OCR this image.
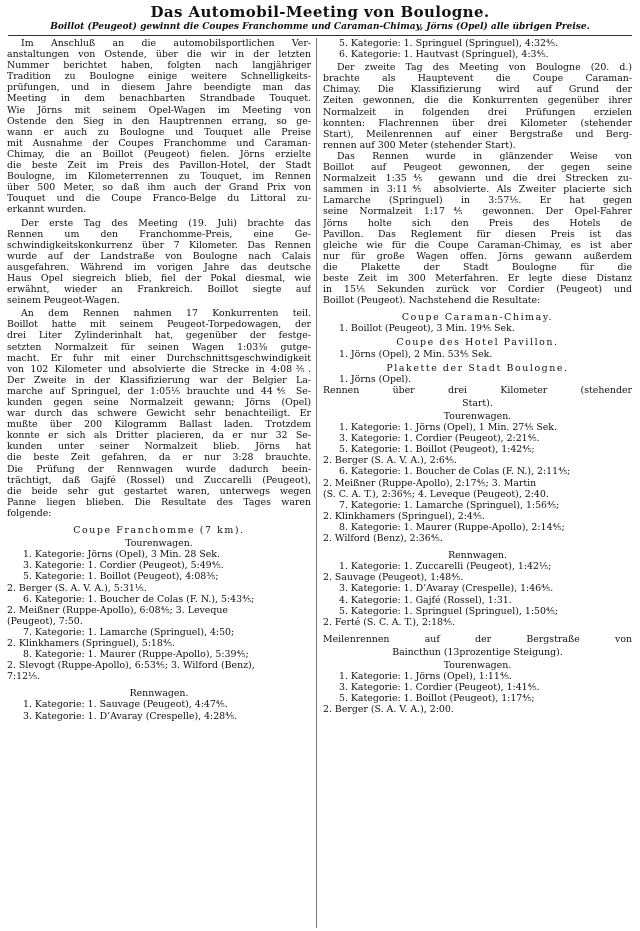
Das Automobil-Meeting von Boulogne.
Boillot (Peugeot) gewinnt die Coupes Franchomme und Caraman-Chimay, Jörns (Opel) alle übrigen Preise.
Im Anschluß an die automobilsportlichen Ver-
anstaltungen von Ostende, über die wir in der letzten
Nummer berichtet haben, folgten nach langjähriger
Tradition zu Boulogne einige weitere Schnelligkeits-
prüfungen, und in diesem Jahre beendigte man das
Meeting in dem benachbarten Strandbade Touquet.
Wie Jörns mit seinem Opel-Wagen im Meeting von
Ostende den Sieg in den Hauptrennen errang, so ge-
wann er auch zu Boulogne und Touquet alle Preise
mit Ausnahme der Coupes Franchomme und Caraman-
Chimay, die an Boillot (Peugeot) fielen. Jörns erzielte
die beste Zeit im Preis des Pavillon-Hotel, der Stadt
Boulogne, im Kilometerrennen zu Touquet, im Rennen
über 500 Meter, so daß ihm auch der Grand Prix von
Touquet und die Coupe Franco-Belge du Littoral zu-
erkannt wurden.
Der erste Tag des Meeting (19. Juli) brachte das
Rennen um den Franchomme-Preis, eine Ge-
schwindigkeitskonkurrenz über 7 Kilometer. Das Rennen
wurde auf der Landstraße von Boulogne nach Calais
ausgefahren. Während im vorigen Jahre das deutsche
Haus Opel siegreich blieb, fiel der Pokal diesmal, wie
erwähnt, wieder an Frankreich. Boillot siegte auf
seinem Peugeot-Wagen.
An dem Rennen nahmen 17 Konkurrenten teil.
Boillot hatte mit seinem Peugeot-Torpedowagen, der
drei Liter Zylinderinhalt hat, gegenüber der festge-
setzten Normalzeit für seinen Wagen 1:03⅜ gutge-
macht. Er fuhr mit einer Durchschnittsgeschwindigkeit
von 102 Kilometer und absolvierte die Strecke in 4:08⅗.
Der Zweite in der Klassifizierung war der Belgier La-
marche auf Springuel, der 1:05⅕ brauchte und 44⅘ Se-
kunden gegen seine Normalzeit gewann; Jörns (Opel)
war durch das schwere Gewicht sehr benachteiligt. Er
mußte über 200 Kilogramm Ballast laden. Trotzdem
konnte er sich als Dritter placieren, da er nur 32 Se-
kunden unter seiner Normalzeit blieb. Jörns hat
die beste Zeit gefahren, da er nur 3:28 brauchte.
Die Prüfung der Rennwagen wurde dadurch beein-
trächtigt, daß Gajfé (Rossel) und Zuccarelli (Peugeot),
die beide sehr gut gestartet waren, unterwegs wegen
Panne liegen blieben. Die Resultate des Tages waren
folgende:
Coupe Franchomme (7 km).
Tourenwagen.
1. Kategorie: Jörns (Opel), 3 Min. 28 Sek.
3. Kategorie: 1. Cordier (Peugeot), 5:49⅘.
5. Kategorie: 1. Boillot (Peugeot), 4:08⅗;
2. Berger (S. A. V. A.), 5:31⅕.
6. Kategorie: 1. Boucher de Colas (F. N.), 5:43⅘;
2. Meißner (Ruppe-Apollo), 6:08⅘; 3. Leveque
(Peugeot), 7:50.
7. Kategorie: 1. Lamarche (Springuel), 4:50;
2. Klinkhamers (Springuel), 5:18⅘.
8. Kategorie: 1. Maurer (Ruppe-Apollo), 5:39⅘;
2. Slevogt (Ruppe-Apollo), 6:53⅘; 3. Wilford (Benz),
7:12⅕.
Rennwagen.
1. Kategorie: 1. Sauvage (Peugeot), 4:47⅘.
3. Kategorie: 1. D’Avaray (Crespelle), 4:28⅘.
5. Kategorie: 1. Springuel (Springuel), 4:32⅘.
6. Kategorie: 1. Hautvast (Springuel), 4:3⅘.
Der zweite Tag des Meeting von Boulogne (20. d.)
brachte als Hauptevent die Coupe Caraman-
Chimay. Die Klassifizierung wird auf Grund der
Zeiten gewonnen, die die Konkurrenten gegenüber ihrer
Normalzeit in folgenden drei Prüfungen erzielen
konnten: Flachrennen über drei Kilometer (stehender
Start), Meilenrennen auf einer Bergstraße und Berg-
rennen auf 300 Meter (stehender Start).
Das Rennen wurde in glänzender Weise von
Boillot auf Peugeot gewonnen, der gegen seine
Normalzeit 1:35⅘ gewann und die drei Strecken zu-
sammen in 3:11⅘ absolvierte. Als Zweiter placierte sich
Lamarche (Springuel) in 3:57⅕. Er hat gegen
seine Normalzeit 1:17⅘ gewonnen. Der Opel-Fahrer
Jörns holte sich den Preis des Hotels de
Pavillon. Das Reglement für diesen Preis ist das
gleiche wie für die Coupe Caraman-Chimay, es ist aber
nur für große Wagen offen. Jörns gewann außerdem
die Plakette der Stadt Boulogne für die
beste Zeit im 300 Meterfahren. Er legte diese Distanz
in 15⅕ Sekunden zurück vor Cordier (Peugeot) und
Boillot (Peugeot). Nachstehend die Resultate:
Coupe Caraman-Chimay.
1. Boillot (Peugeot), 3 Min. 19⅘ Sek.
Coupe des Hotel Pavillon.
1. Jörns (Opel), 2 Min. 53⅘ Sek.
Plakette der Stadt Boulogne.
1. Jörns (Opel).
Rennen über drei Kilometer (stehender
Start).
Tourenwagen.
1. Kategorie: 1. Jörns (Opel), 1 Min. 27⅘ Sek.
3. Kategorie: 1. Cordier (Peugeot), 2:21⅘.
5. Kategorie: 1. Boillot (Peugeot), 1:42⅘;
2. Berger (S. A. V. A.), 2:6⅘.
6. Kategorie: 1. Boucher de Colas (F. N.), 2:11⅘;
2. Meißner (Ruppe-Apollo), 2:17⅘; 3. Martin
(S. C. A. T.), 2:36⅘; 4. Leveque (Peugeot), 2:40.
7. Kategorie: 1. Lamarche (Springuel), 1:56⅘;
2. Klinkhamers (Springuel), 2:4⅘.
8. Kategorie: 1. Maurer (Ruppe-Apollo), 2:14⅘;
2. Wilford (Benz), 2:36⅘.
Rennwagen.
1. Kategorie: 1. Zuccarelli (Peugeot), 1:42⅕;
2. Sauvage (Peugeot), 1:48⅘.
3. Kategorie: 1. D’Avaray (Crespelle), 1:46⅘.
4. Kategorie: 1. Gajfé (Rossel), 1:31.
5. Kategorie: 1. Springuel (Springuel), 1:50⅘;
2. Ferté (S. C. A. T.), 2:18⅘.
Meilenrennen auf der Bergstraße von
Baincthun (13prozentige Steigung).
Tourenwagen.
1. Kategorie: 1. Jörns (Opel), 1:11⅘.
3. Kategorie: 1. Cordier (Peugeot), 1:41⅘.
5. Kategorie: 1. Boillot (Peugeot), 1:17⅘;
2. Berger (S. A. V. A.), 2:00.
